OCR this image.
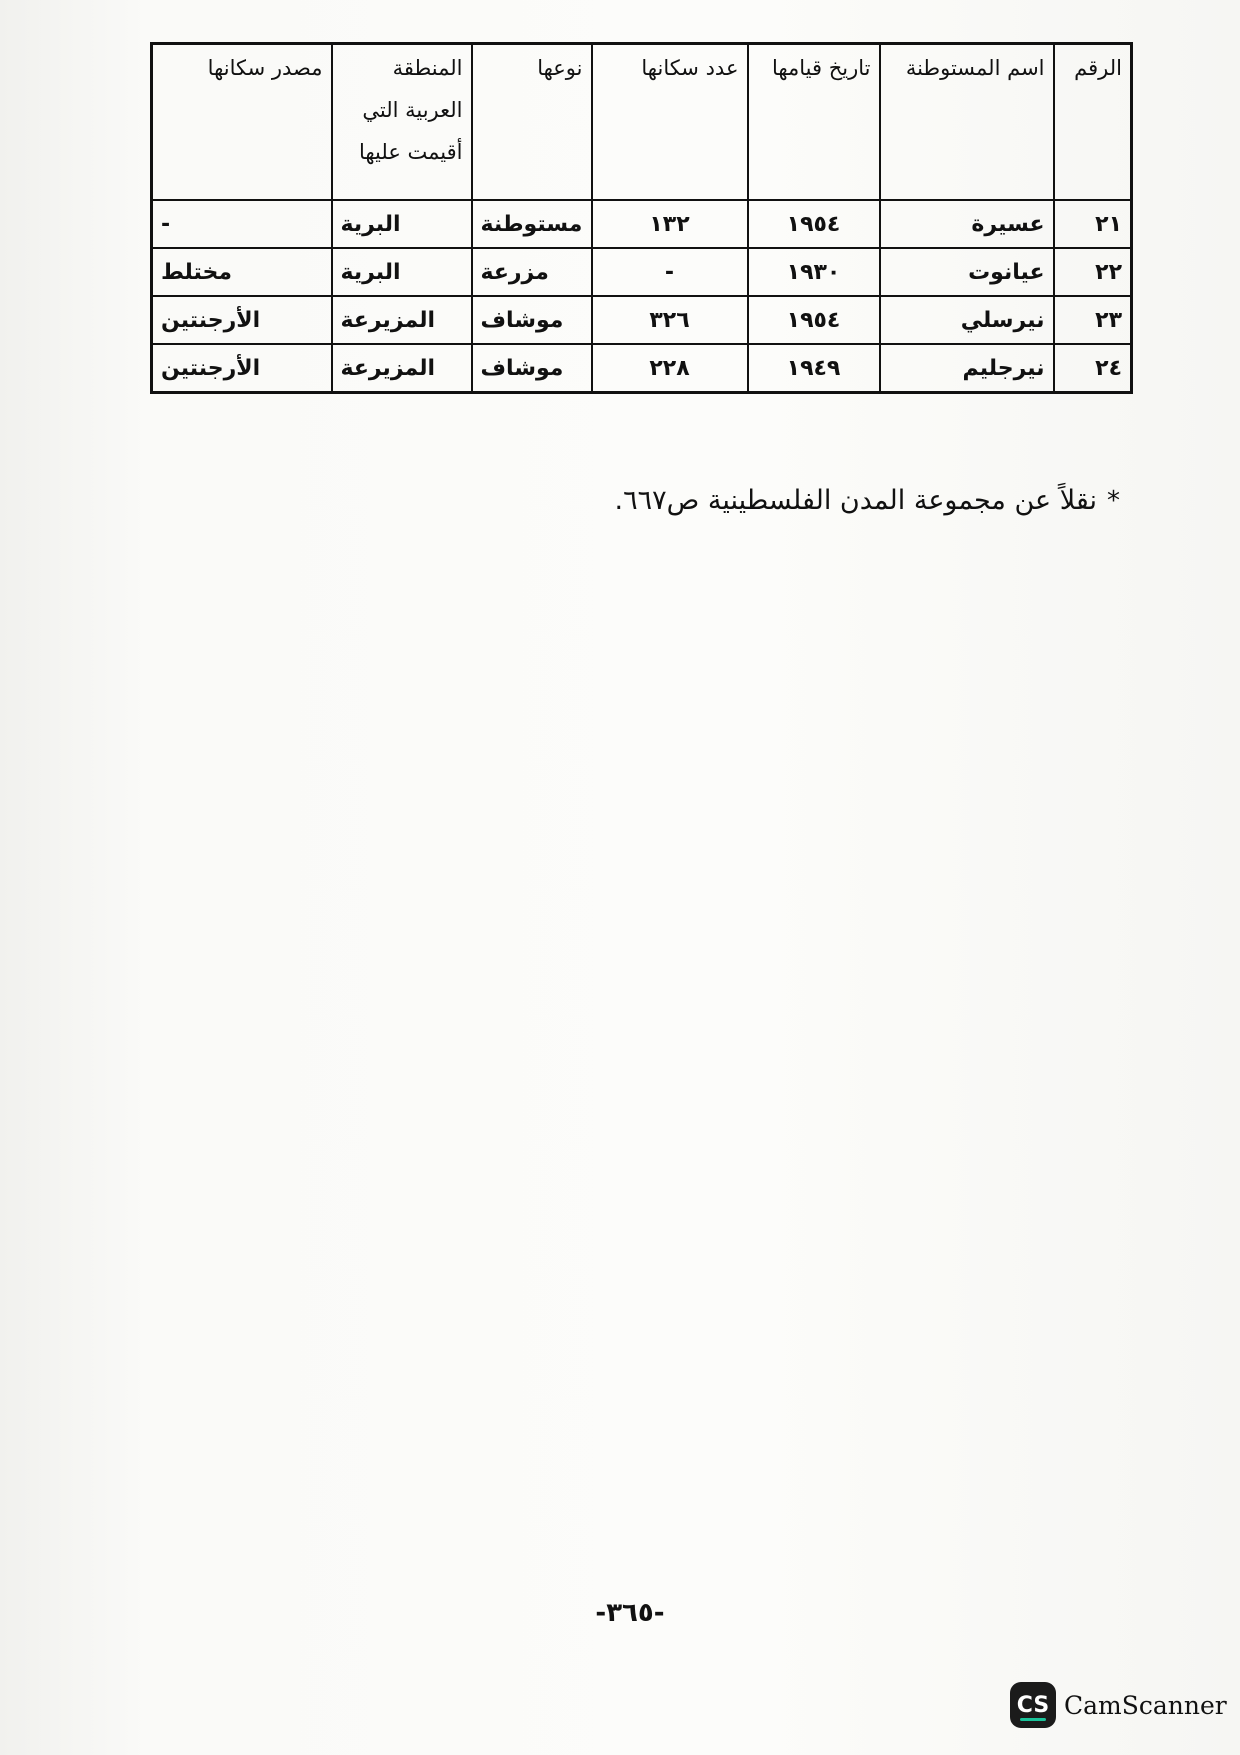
الرقم	اسم المستوطنة	تاريخ قيامها	عدد سكانها	نوعها	المنطقة العربية التي أقيمت عليها	مصدر سكانها
٢١	عسيرة	١٩٥٤	١٣٢	مستوطنة	البرية	-
٢٢	عيانوت	١٩٣٠	-	مزرعة	البرية	مختلط
٢٣	نيرسلي	١٩٥٤	٣٢٦	موشاف	المزيرعة	الأرجنتين
٢٤	نيرجليم	١٩٤٩	٢٢٨	موشاف	المزيرعة	الأرجنتين
*نقلاً عن مجموعة المدن الفلسطينية ص٦٦٧.
-٣٦٥-
CS CamScanner
